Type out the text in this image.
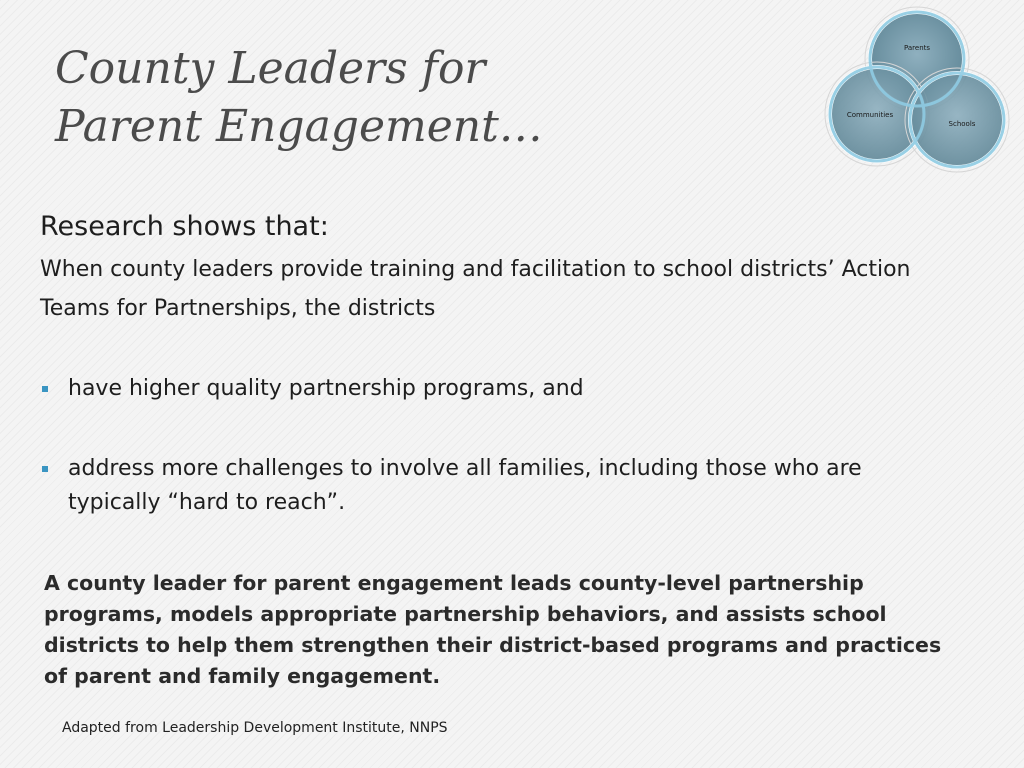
County Leaders for
Parent Engagement…
Parents
Communities
Schools
Research shows that:
When county leaders provide training and facilitation to school districts’ Action Teams for Partnerships, the districts
have higher quality partnership programs, and
address more challenges to involve all families, including those who are typically “hard to reach”.
A county leader for parent engagement leads county-level partnership programs, models appropriate partnership behaviors, and assists school districts to help them strengthen their district-based programs and practices of parent and family engagement.
Adapted from Leadership Development Institute, NNPS
